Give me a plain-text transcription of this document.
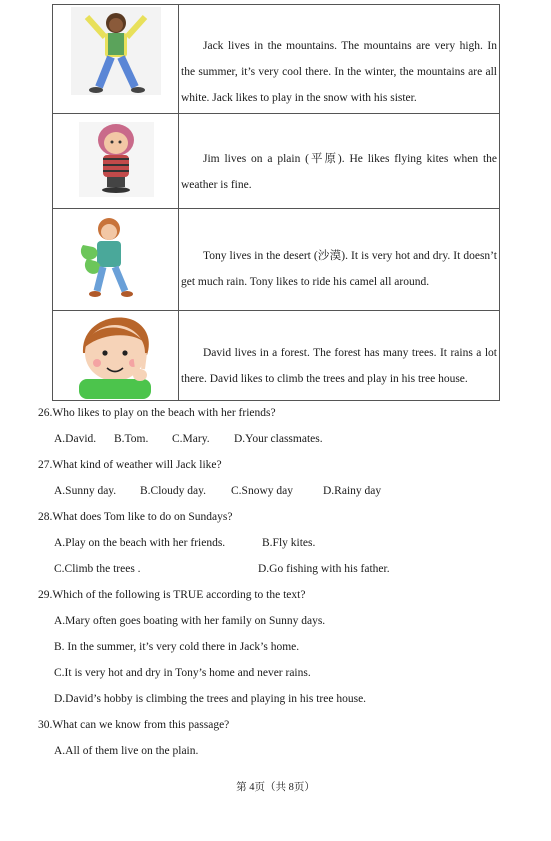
Jack lives in the mountains. The mountains are very high. In the summer, it’s very cool there. In the winter, the mountains are all white. Jack likes to play in the snow with his sister.
Jim lives on a plain (平原). He likes flying kites when the weather is fine.
Tony lives in the desert (沙漠). It is very hot and dry. It doesn’t get much rain. Tony likes to ride his camel all around.
David lives in a forest. The forest has many trees. It rains a lot there. David likes to climb the trees and play in his tree house.
26.Who likes to play on the beach with her friends?
A.David. B.Tom. C.Mary. D.Your classmates.
27.What kind of weather will Jack like?
A.Sunny day. B.Cloudy day. C.Snowy day	D.Rainy day
28.What does Tom like to do on Sundays?
A.Play on the beach with her friends.	B.Fly kites.
C.Climb the trees .	D.Go fishing with his father.
29.Which of the following is TRUE according to the text?
A.Mary often goes boating with her family on Sunny days.
B. In the summer, it’s very cold there in Jack’s home.
C.It is very hot and dry in Tony’s home and never rains.
D.David’s hobby is climbing the trees and playing in his tree house.
30.What can we know from this passage?
A.All of them live on the plain.
第 4页（共 8页）
